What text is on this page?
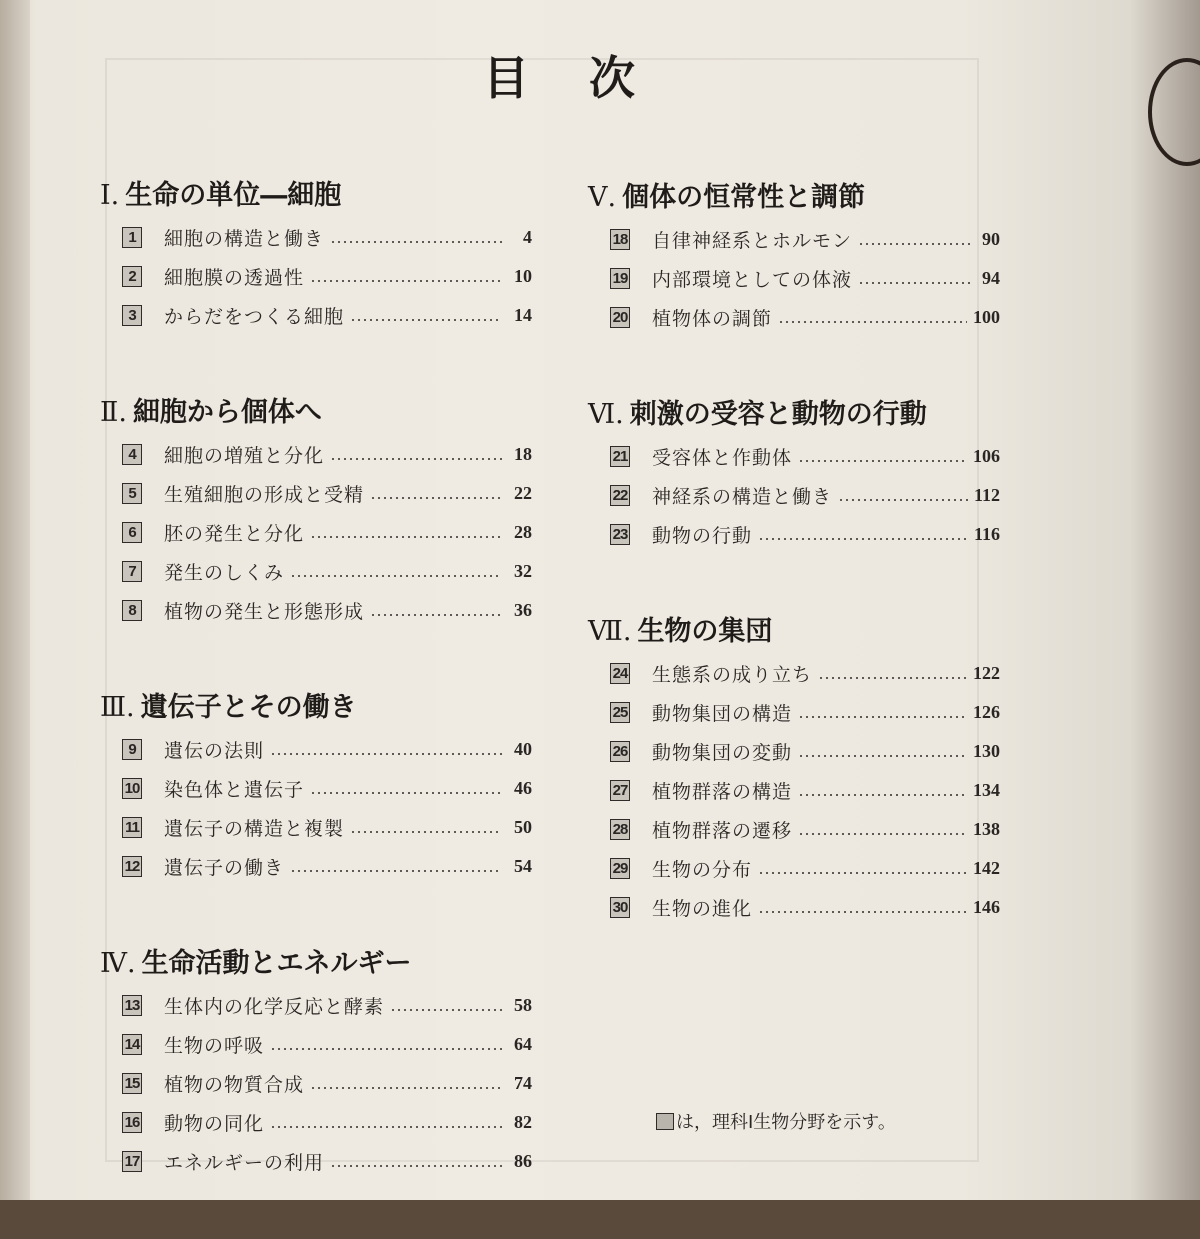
目 次
Ⅰ. 生命の単位―細胞
1	細胞の構造と働き	4
2	細胞膜の透過性	10
3	からだをつくる細胞	14
Ⅱ. 細胞から個体へ
4	細胞の増殖と分化	18
5	生殖細胞の形成と受精	22
6	胚の発生と分化	28
7	発生のしくみ	32
8	植物の発生と形態形成	36
Ⅲ. 遺伝子とその働き
9	遺伝の法則	40
10 染色体と遺伝子	46
11 遺伝子の構造と複製	50
12 遺伝子の働き	54
Ⅳ. 生命活動とエネルギー
13 生体内の化学反応と酵素	58
14 生物の呼吸	64
15 植物の物質合成	74
16 動物の同化	82
17 エネルギーの利用	86
Ⅴ. 個体の恒常性と調節
18 自律神経系とホルモン	90
19 内部環境としての体液	94
20 植物体の調節	100
Ⅵ. 刺激の受容と動物の行動
21 受容体と作動体	106
22 神経系の構造と働き	112
23 動物の行動	116
Ⅶ. 生物の集団
24 生態系の成り立ち	122
25 動物集団の構造	126
26 動物集団の変動	130
27 植物群落の構造	134
28 植物群落の遷移	138
29 生物の分布	142
30 生物の進化	146
は，理科Ⅰ生物分野を示す。
